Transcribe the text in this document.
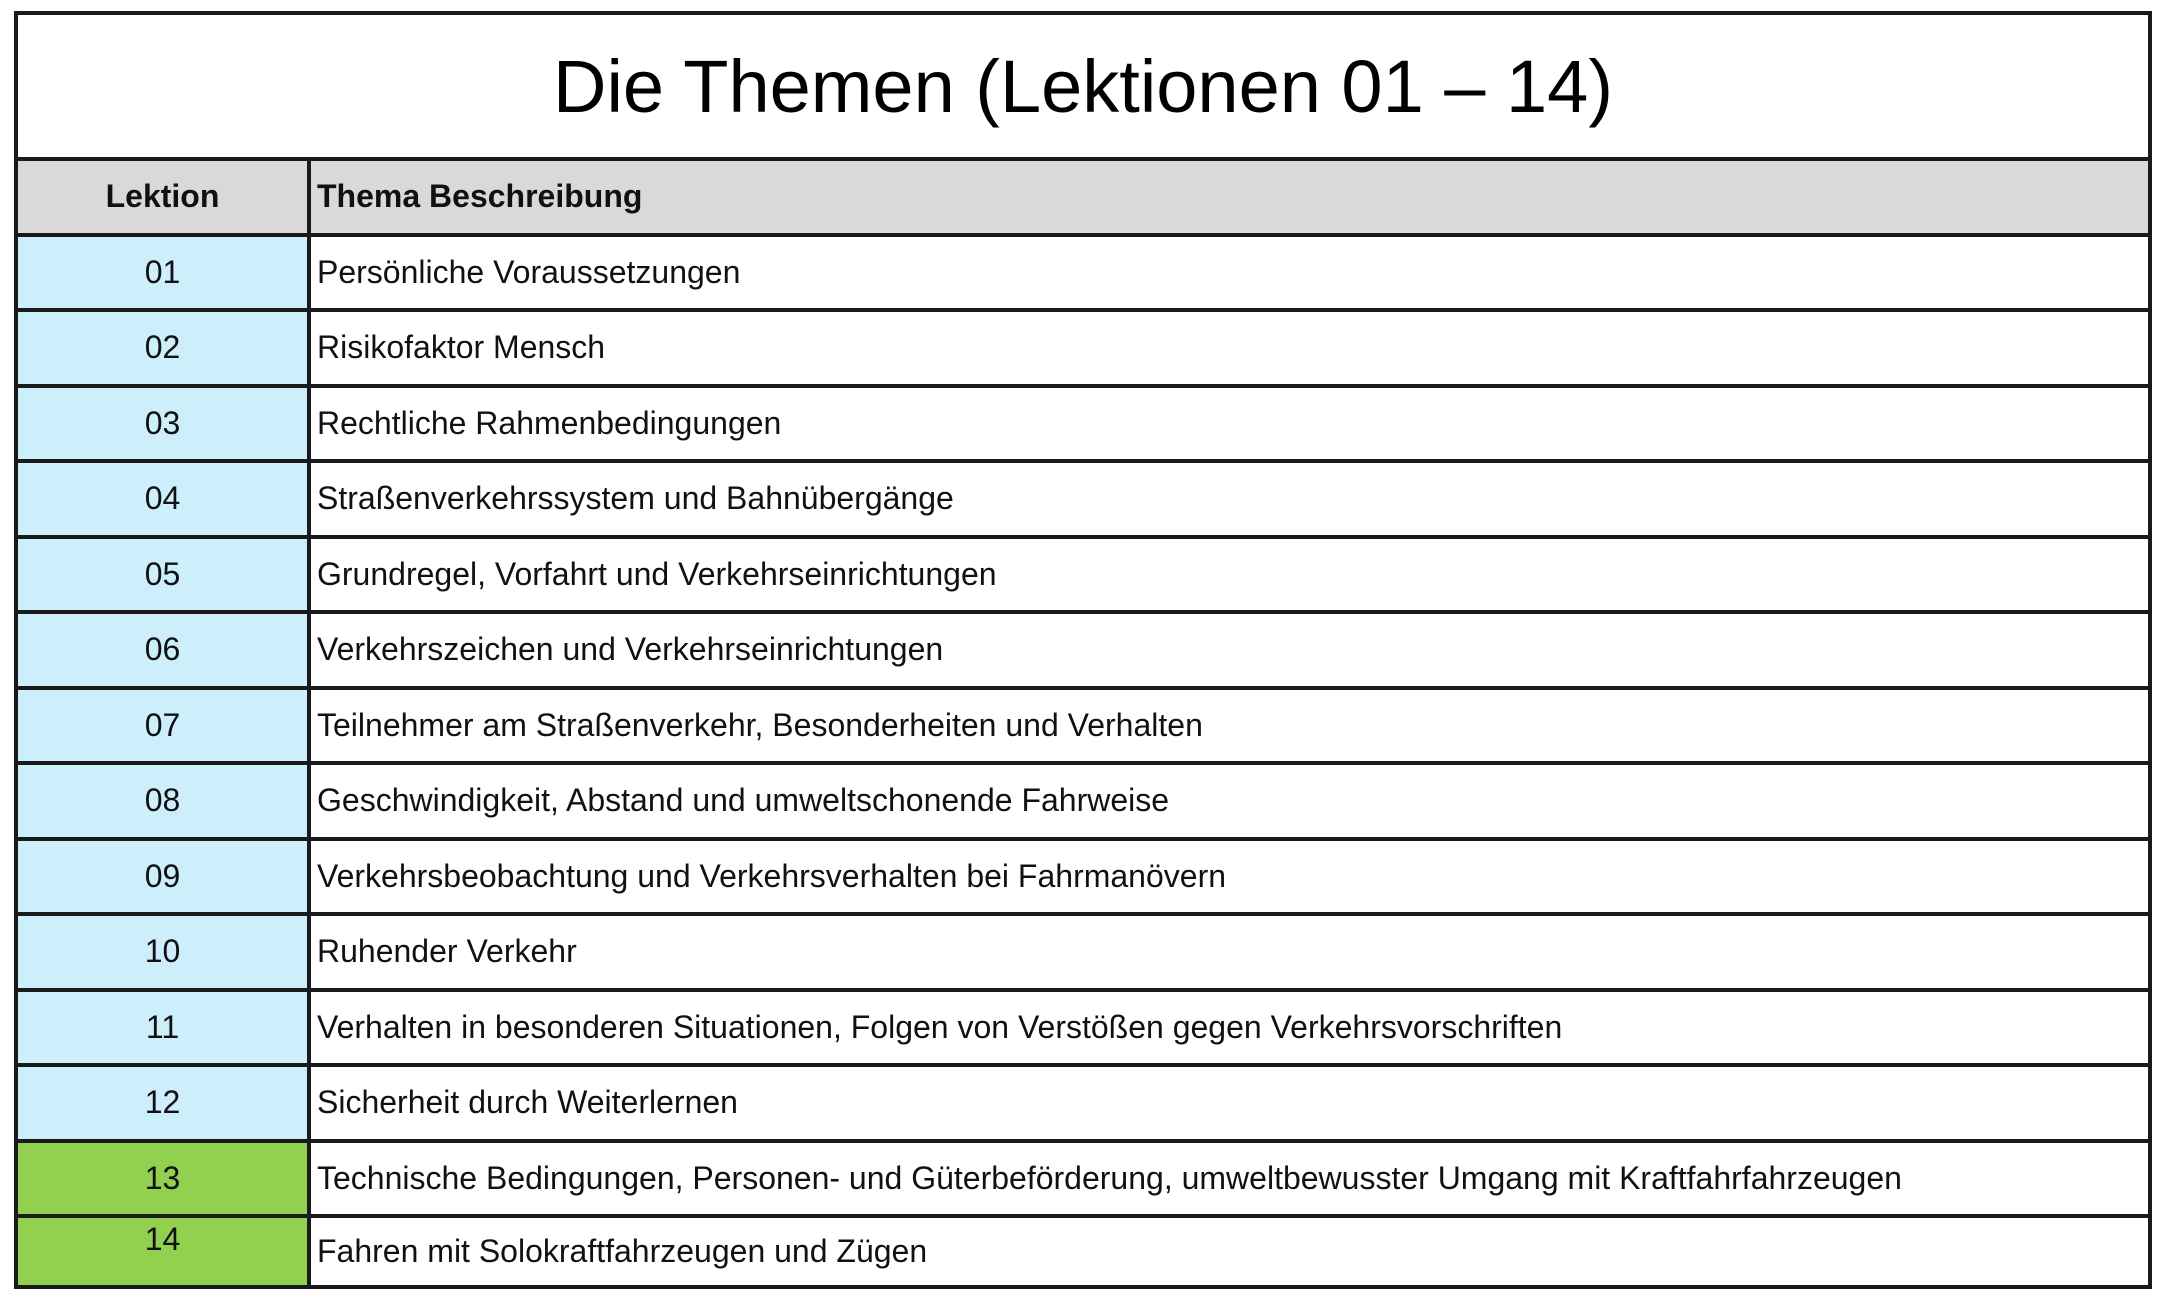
Die Themen (Lektionen 01 – 14)
Lektion	Thema Beschreibung
01	Persönliche Voraussetzungen
02	Risikofaktor Mensch
03	Rechtliche Rahmenbedingungen
04	Straßenverkehrssystem und Bahnübergänge
05	Grundregel, Vorfahrt und Verkehrseinrichtungen
06	Verkehrszeichen und Verkehrseinrichtungen
07	Teilnehmer am Straßenverkehr, Besonderheiten und Verhalten
08	Geschwindigkeit, Abstand und umweltschonende Fahrweise
09	Verkehrsbeobachtung und Verkehrsverhalten bei Fahrmanövern
10	Ruhender Verkehr
11	Verhalten in besonderen Situationen, Folgen von Verstößen gegen Verkehrsvorschriften
12	Sicherheit durch Weiterlernen
13	Technische Bedingungen, Personen- und Güterbeförderung, umweltbewusster Umgang mit Kraftfahrfahrzeugen
14	Fahren mit Solokraftfahrzeugen und Zügen
